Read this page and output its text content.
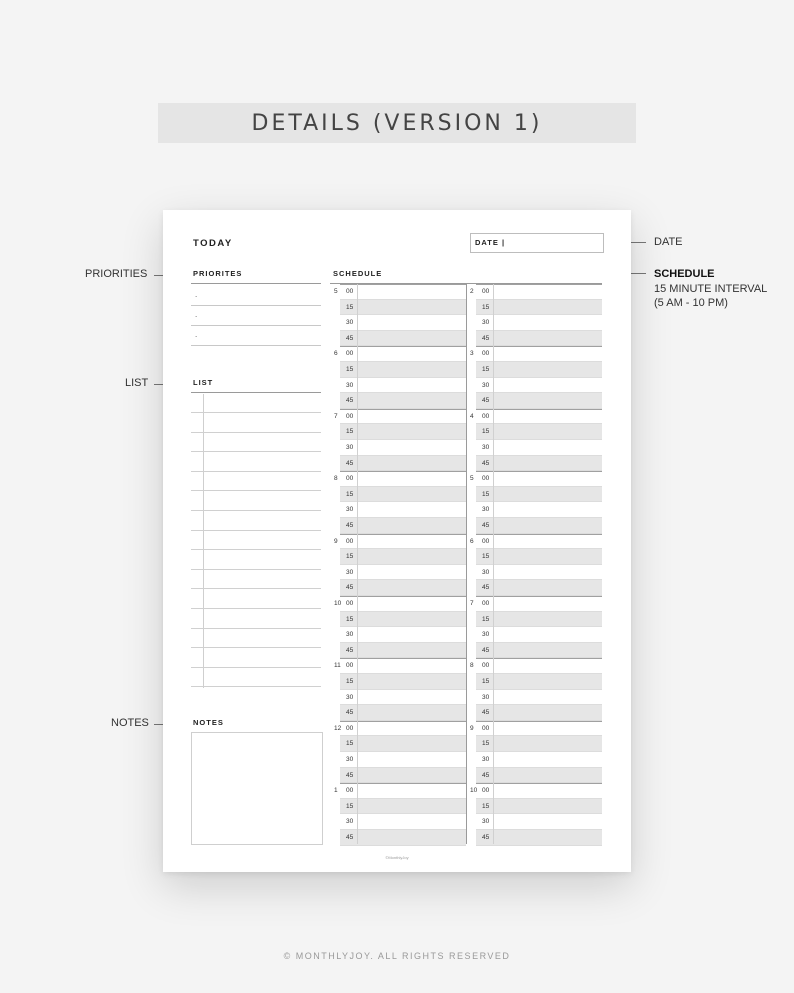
DETAILS (VERSION 1)
PRIORITIES
LIST
NOTES
DATE
SCHEDULE
15 MINUTE INTERVAL
(5 AM - 10 PM)
TODAY	DATE |
PRIORITES
LIST
NOTES
SCHEDULE
5 00
15
30
45
6 00
15
30
45
7 00
15
30
45
8 00
15
30
45
9 00
15
30
45
10 00
15
30
45
11 00
15
30
45
12 00
15
30
45
1 00
15
30
45
2 00
15
30
45
3 00
15
30
45
4 00
15
30
45
5 00
15
30
45
6 00
15
30
45
7 00
15
30
45
8 00
15
30
45
9 00
15
30
45
10 00
15
30
45
©MonthlyJoy
.
.
.
© MONTHLYJOY. ALL RIGHTS RESERVED
